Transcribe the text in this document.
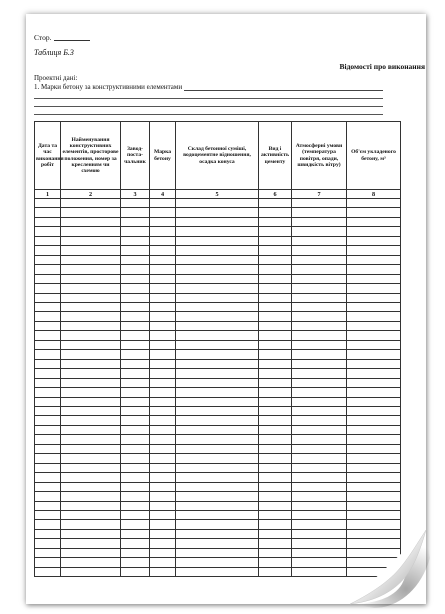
Стор.
Таблиця Б.3
Відомості про виконання
Проектні дані:
1. Марки бетону за конструктивними елементами
Дата та час виконання робіт	Найменування конструктивних елементів, просторове положення, номер за кресленням чи схемою	Завод-поста-чальник	Марка бетону	Склад бетонної суміші, водоцементне відношення, осадка конуса	Вид і активність цементу	Атмосферні умови (температура повітря, опади, швидкість вітру)	Об'єм укладеного бетону, м³
1	2	3	4	5	6	7	8
